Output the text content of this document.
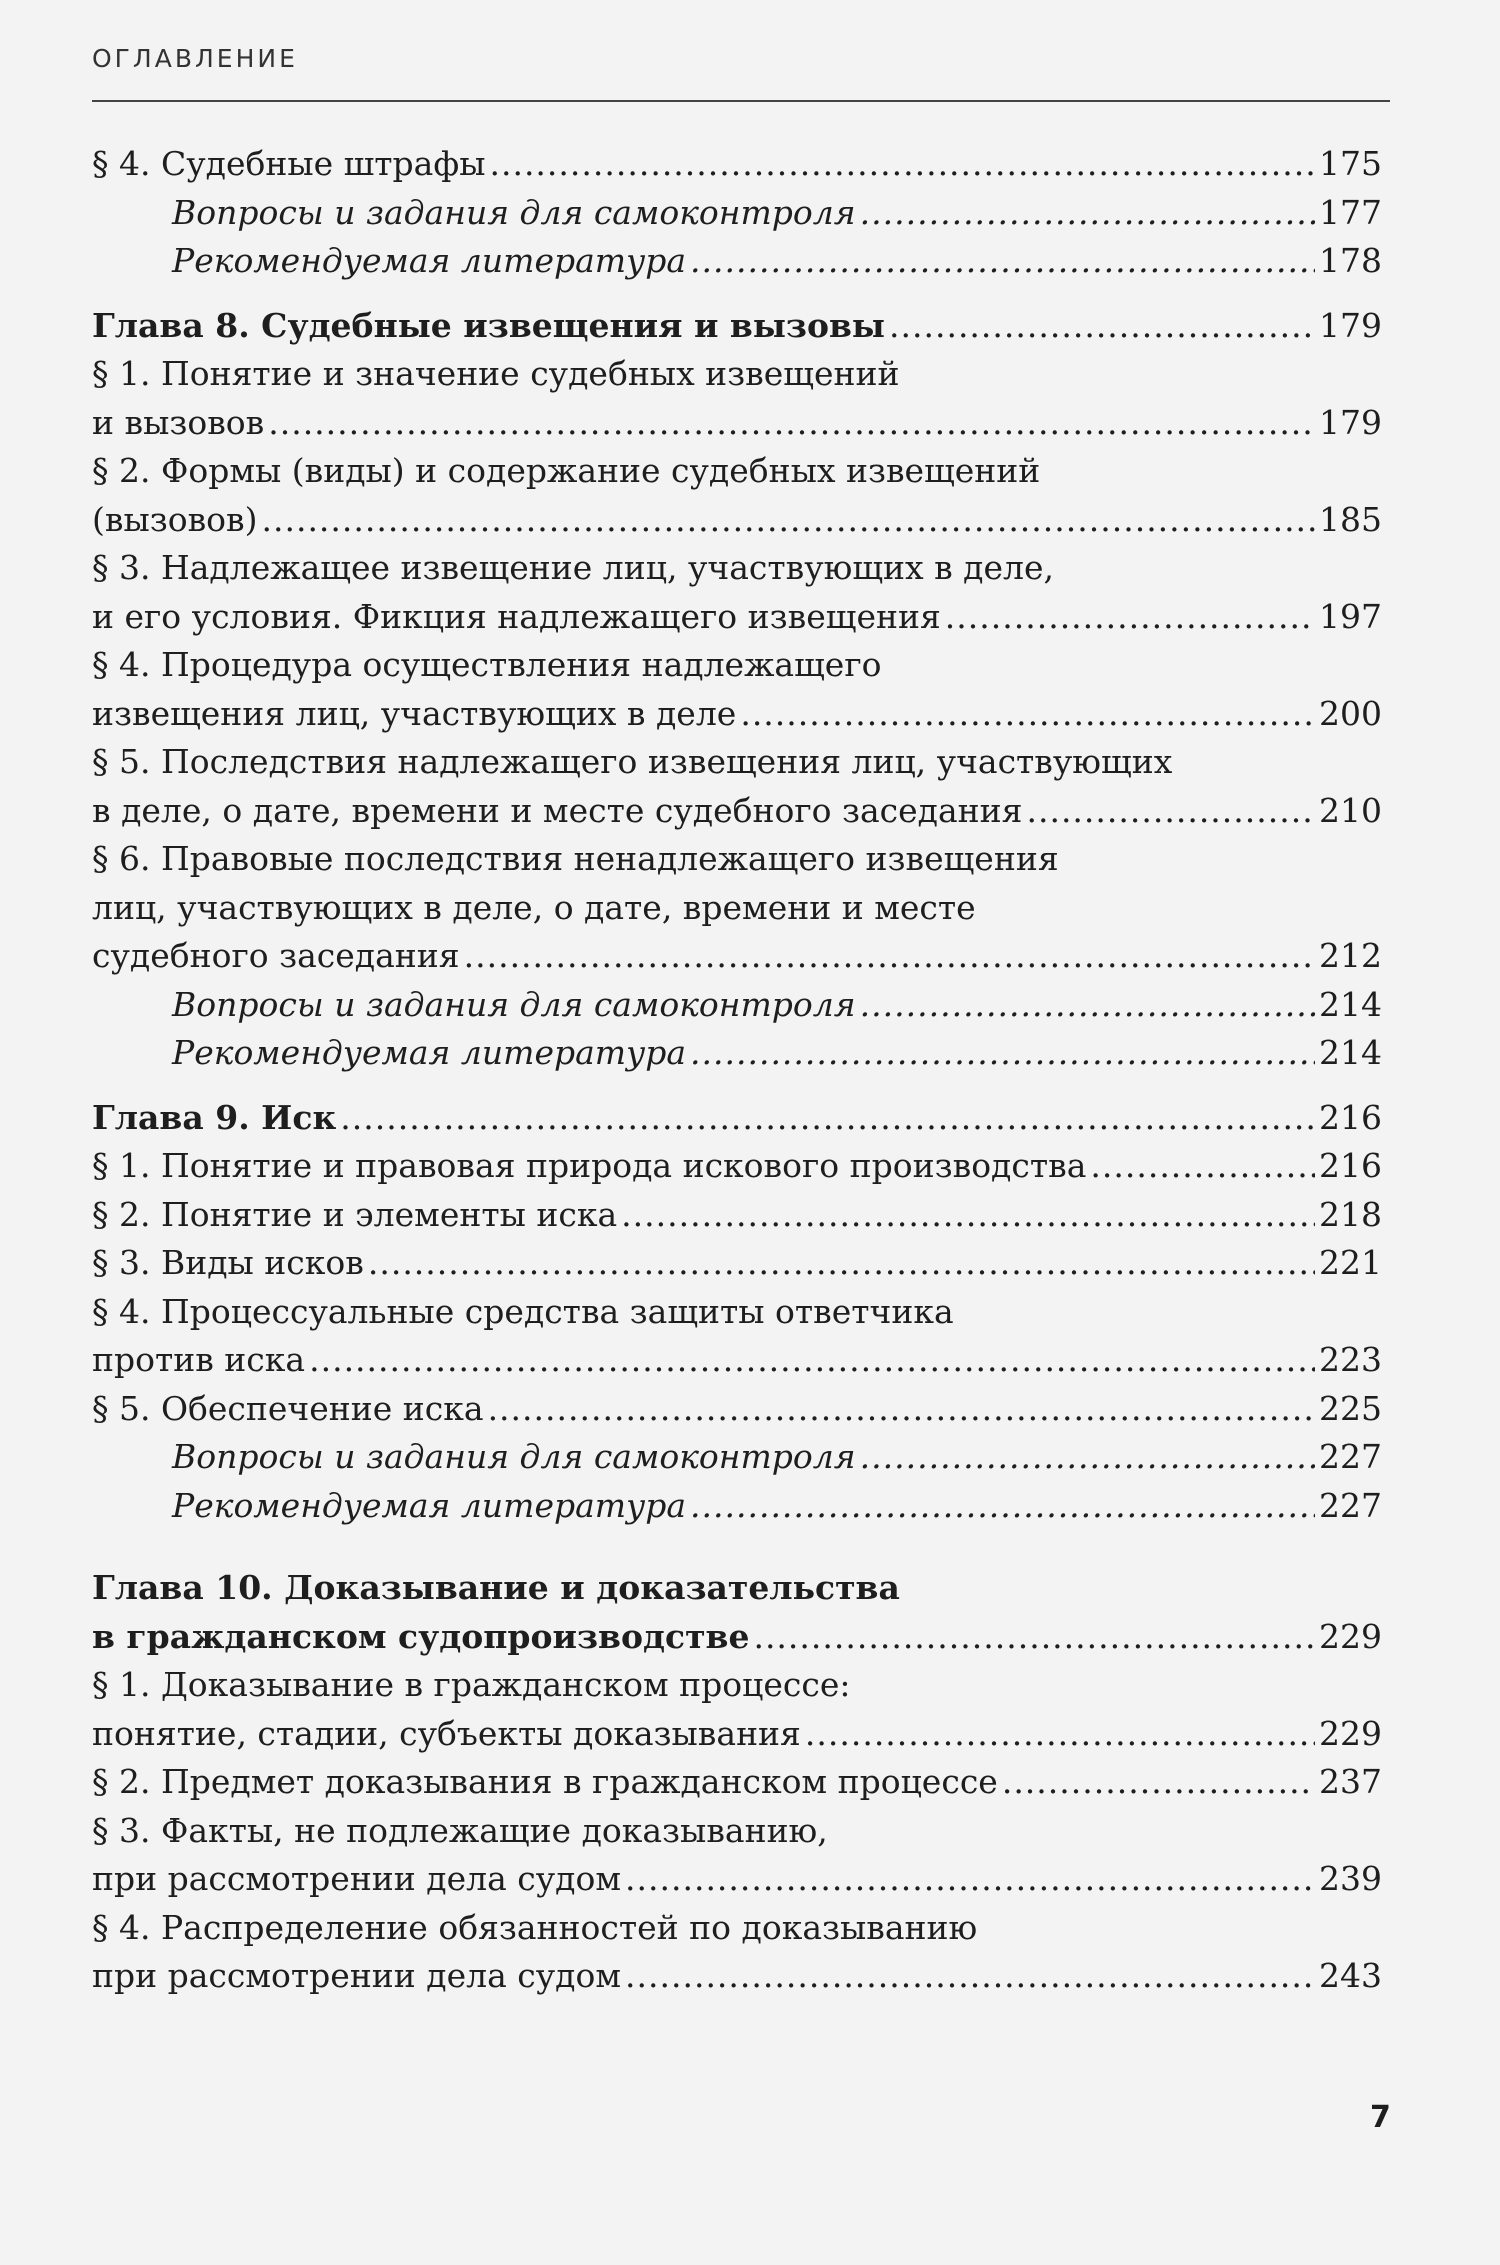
ОГЛАВЛЕНИЕ
§ 4. Судебные штрафы .....	175
Вопросы и задания для самоконтроля .....	177
Рекомендуемая литература .....	178
Глава 8. Судебные извещения и вызовы .....	179
§ 1. Понятие и значение судебных извещений
и вызовов .....	179
§ 2. Формы (виды) и содержание судебных извещений
(вызовов) .....	185
§ 3. Надлежащее извещение лиц, участвующих в деле,
и его условия. Фикция надлежащего извещения .....	197
§ 4. Процедура осуществления надлежащего
извещения лиц, участвующих в деле .....	200
§ 5. Последствия надлежащего извещения лиц, участвующих
в деле, о дате, времени и месте судебного заседания .....	210
§ 6. Правовые последствия ненадлежащего извещения
лиц, участвующих в деле, о дате, времени и месте
судебного заседания .....	212
Вопросы и задания для самоконтроля .....	214
Рекомендуемая литература .....	214
Глава 9. Иск .....	216
§ 1. Понятие и правовая природа искового производства .....	216
§ 2. Понятие и элементы иска .....	218
§ 3. Виды исков .....	221
§ 4. Процессуальные средства защиты ответчика
против иска .....	223
§ 5. Обеспечение иска .....	225
Вопросы и задания для самоконтроля .....	227
Рекомендуемая литература .....	227
Глава 10. Доказывание и доказательства
в гражданском судопроизводстве .....	229
§ 1. Доказывание в гражданском процессе:
понятие, стадии, субъекты доказывания .....	229
§ 2. Предмет доказывания в гражданском процессе .....	237
§ 3. Факты, не подлежащие доказыванию,
при рассмотрении дела судом .....	239
§ 4. Распределение обязанностей по доказыванию
при рассмотрении дела судом .....	243
7
